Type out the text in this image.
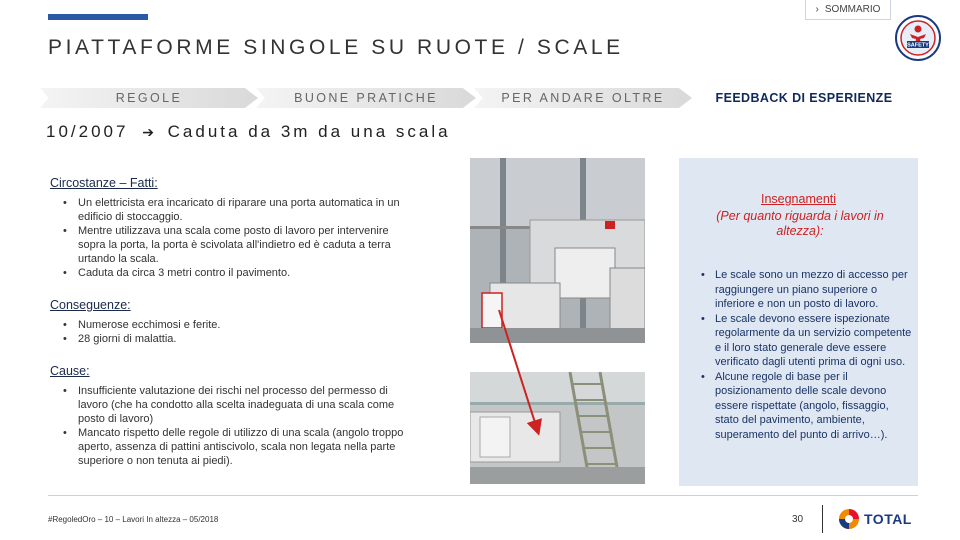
› SOMMARIO
PIATTAFORME SINGOLE SU RUOTE / SCALE	SAFETY
REGOLE	BUONE PRATICHE	PER ANDARE OLTRE	FEEDBACK DI ESPERIENZE
10/2007 ➔ Caduta da 3m da una scala
Circostanze – Fatti:
• Un elettricista era incaricato di riparare una porta automatica in un edificio di stoccaggio.
• Mentre utilizzava una scala come posto di lavoro per intervenire sopra la porta, la porta è scivolata all'indietro ed è caduta a terra urtando la scala.
• Caduta da circa 3 metri contro il pavimento.
Conseguenze:
• Numerose ecchimosi e ferite.
• 28 giorni di malattia.
Cause:
• Insufficiente valutazione dei rischi nel processo del permesso di lavoro (che ha condotto alla scelta inadeguata di una scala come posto di lavoro)
• Mancato rispetto delle regole di utilizzo di una scala (angolo troppo aperto, assenza di pattini antiscivolo, scala non legata nella parte superiore o non tenuta ai piedi).
Insegnamenti
(Per quanto riguarda i lavori in altezza):
• Le scale sono un mezzo di accesso per raggiungere un piano superiore o inferiore e non un posto di lavoro.
• Le scale devono essere ispezionate regolarmente da un servizio competente e il loro stato generale deve essere verificato dagli utenti prima di ogni uso.
• Alcune regole di base per il posizionamento delle scale devono essere rispettate (angolo, fissaggio, stato del pavimento, ambiente, superamento del punto di arrivo…).
#RegoledOro – 10 – Lavori In altezza – 05/2018	30	TOTAL
